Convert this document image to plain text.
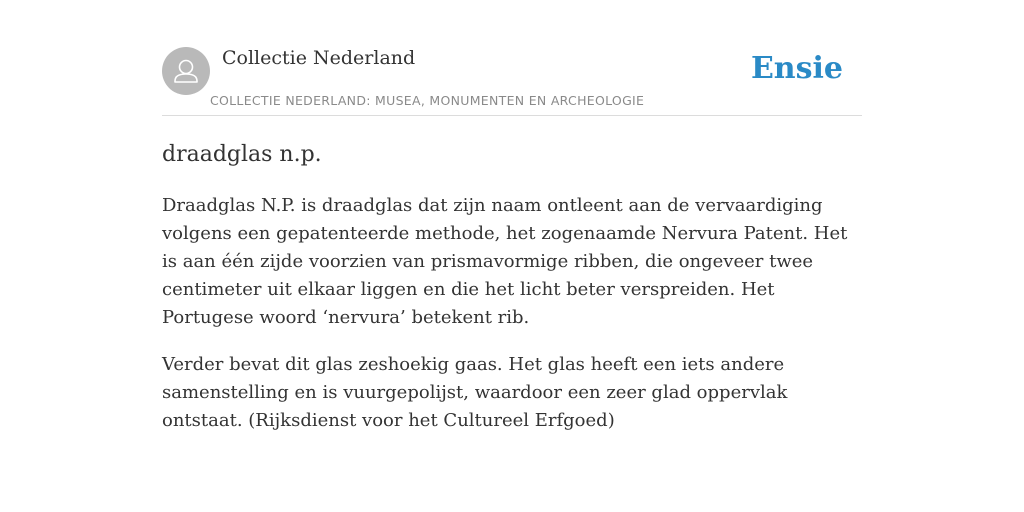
Collectie Nederland
COLLECTIE NEDERLAND: MUSEA, MONUMENTEN EN ARCHEOLOGIE
Ensie
draadglas n.p.

Draadglas N.P. is draadglas dat zijn naam ontleent aan de vervaardiging volgens een gepatenteerde methode, het zogenaamde Nervura Patent. Het is aan één zijde voorzien van prismavormige ribben, die ongeveer twee centimeter uit elkaar liggen en die het licht beter verspreiden. Het Portugese woord ‘nervura’ betekent rib.

Verder bevat dit glas zeshoekig gaas. Het glas heeft een iets andere samenstelling en is vuurgepolijst, waardoor een zeer glad oppervlak ontstaat. (Rijksdienst voor het Cultureel Erfgoed)
